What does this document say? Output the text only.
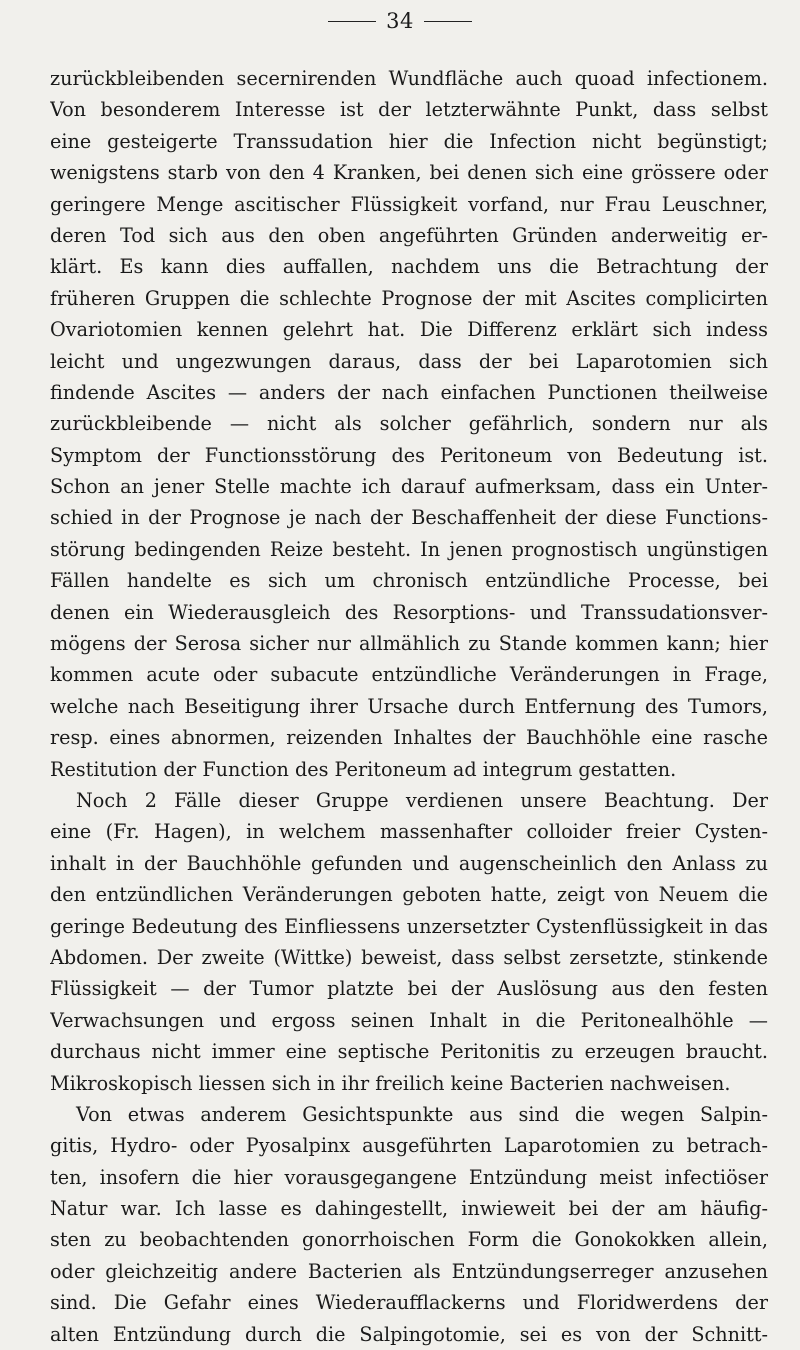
34
zurückbleibenden secernirenden Wundfläche auch quoad infectionem.
Von besonderem Interesse ist der letzterwähnte Punkt, dass selbst
eine gesteigerte Transsudation hier die Infection nicht begünstigt;
wenigstens starb von den 4 Kranken, bei denen sich eine grössere oder
geringere Menge ascitischer Flüssigkeit vorfand, nur Frau Leuschner,
deren Tod sich aus den oben angeführten Gründen anderweitig er-
klärt. Es kann dies auffallen, nachdem uns die Betrachtung der
früheren Gruppen die schlechte Prognose der mit Ascites complicirten
Ovariotomien kennen gelehrt hat. Die Differenz erklärt sich indess
leicht und ungezwungen daraus, dass der bei Laparotomien sich
findende Ascites — anders der nach einfachen Punctionen theilweise
zurückbleibende — nicht als solcher gefährlich, sondern nur als
Symptom der Functionsstörung des Peritoneum von Bedeutung ist.
Schon an jener Stelle machte ich darauf aufmerksam, dass ein Unter-
schied in der Prognose je nach der Beschaffenheit der diese Functions-
störung bedingenden Reize besteht. In jenen prognostisch ungünstigen
Fällen handelte es sich um chronisch entzündliche Processe, bei
denen ein Wiederausgleich des Resorptions- und Transsudationsver-
mögens der Serosa sicher nur allmählich zu Stande kommen kann; hier
kommen acute oder subacute entzündliche Veränderungen in Frage,
welche nach Beseitigung ihrer Ursache durch Entfernung des Tumors,
resp. eines abnormen, reizenden Inhaltes der Bauchhöhle eine rasche
Restitution der Function des Peritoneum ad integrum gestatten.
Noch 2 Fälle dieser Gruppe verdienen unsere Beachtung. Der
eine (Fr. Hagen), in welchem massenhafter colloider freier Cysten-
inhalt in der Bauchhöhle gefunden und augenscheinlich den Anlass zu
den entzündlichen Veränderungen geboten hatte, zeigt von Neuem die
geringe Bedeutung des Einfliessens unzersetzter Cystenflüssigkeit in das
Abdomen. Der zweite (Wittke) beweist, dass selbst zersetzte, stinkende
Flüssigkeit — der Tumor platzte bei der Auslösung aus den festen
Verwachsungen und ergoss seinen Inhalt in die Peritonealhöhle —
durchaus nicht immer eine septische Peritonitis zu erzeugen braucht.
Mikroskopisch liessen sich in ihr freilich keine Bacterien nachweisen.
Von etwas anderem Gesichtspunkte aus sind die wegen Salpin-
gitis, Hydro- oder Pyosalpinx ausgeführten Laparotomien zu betrach-
ten, insofern die hier vorausgegangene Entzündung meist infectiöser
Natur war. Ich lasse es dahingestellt, inwieweit bei der am häufig-
sten zu beobachtenden gonorrhoischen Form die Gonokokken allein,
oder gleichzeitig andere Bacterien als Entzündungserreger anzusehen
sind. Die Gefahr eines Wiederaufflackerns und Floridwerdens der
alten Entzündung durch die Salpingotomie, sei es von der Schnitt-
